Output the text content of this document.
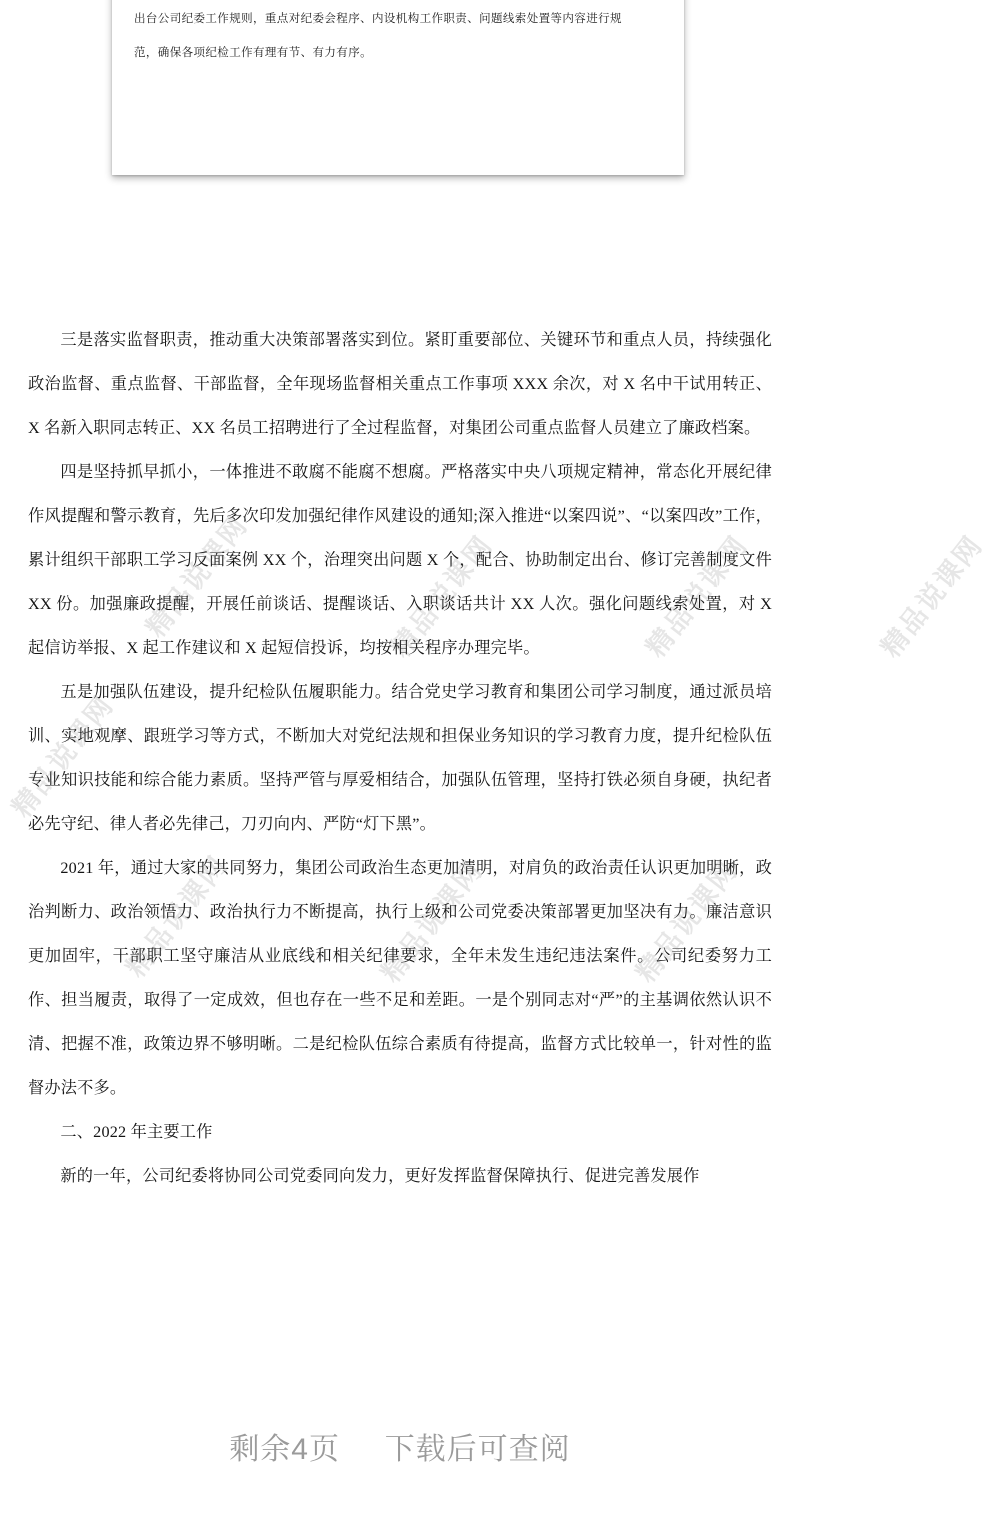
出台公司纪委工作规则，重点对纪委会程序、内设机构工作职责、问题线索处置等内容进行规
范，确保各项纪检工作有理有节、有力有序。

三是落实监督职责，推动重大决策部署落实到位。紧盯重要部位、关键环节和重点人员，持续强化政治监督、重点监督、干部监督，全年现场监督相关重点工作事项 XXX 余次，对 X 名中干试用转正、X 名新入职同志转正、XX 名员工招聘进行了全过程监督，对集团公司重点监督人员建立了廉政档案。

四是坚持抓早抓小，一体推进不敢腐不能腐不想腐。严格落实中央八项规定精神，常态化开展纪律作风提醒和警示教育，先后多次印发加强纪律作风建设的通知;深入推进“以案四说”、“以案四改”工作，累计组织干部职工学习反面案例 XX 个，治理突出问题 X 个，配合、协助制定出台、修订完善制度文件 XX 份。加强廉政提醒，开展任前谈话、提醒谈话、入职谈话共计 XX 人次。强化问题线索处置，对 X 起信访举报、X 起工作建议和 X 起短信投诉，均按相关程序办理完毕。

五是加强队伍建设，提升纪检队伍履职能力。结合党史学习教育和集团公司学习制度，通过派员培训、实地观摩、跟班学习等方式，不断加大对党纪法规和担保业务知识的学习教育力度，提升纪检队伍专业知识技能和综合能力素质。坚持严管与厚爱相结合，加强队伍管理，坚持打铁必须自身硬，执纪者必先守纪、律人者必先律己，刀刃向内、严防“灯下黑”。

2021 年，通过大家的共同努力，集团公司政治生态更加清明，对肩负的政治责任认识更加明晰，政治判断力、政治领悟力、政治执行力不断提高，执行上级和公司党委决策部署更加坚决有力。廉洁意识更加固牢，干部职工坚守廉洁从业底线和相关纪律要求，全年未发生违纪违法案件。公司纪委努力工作、担当履责，取得了一定成效，但也存在一些不足和差距。一是个别同志对“严”的主基调依然认识不清、把握不准，政策边界不够明晰。二是纪检队伍综合素质有待提高，监督方式比较单一，针对性的监督办法不多。

二、2022 年主要工作

新的一年，公司纪委将协同公司党委同向发力，更好发挥监督保障执行、促进完善发展作

精品说课网	精品说课网	精品说课网
精品说课网	精品说课网	精品说课网
精品说课网
精品说课网
剩余4页 下载后可查阅
